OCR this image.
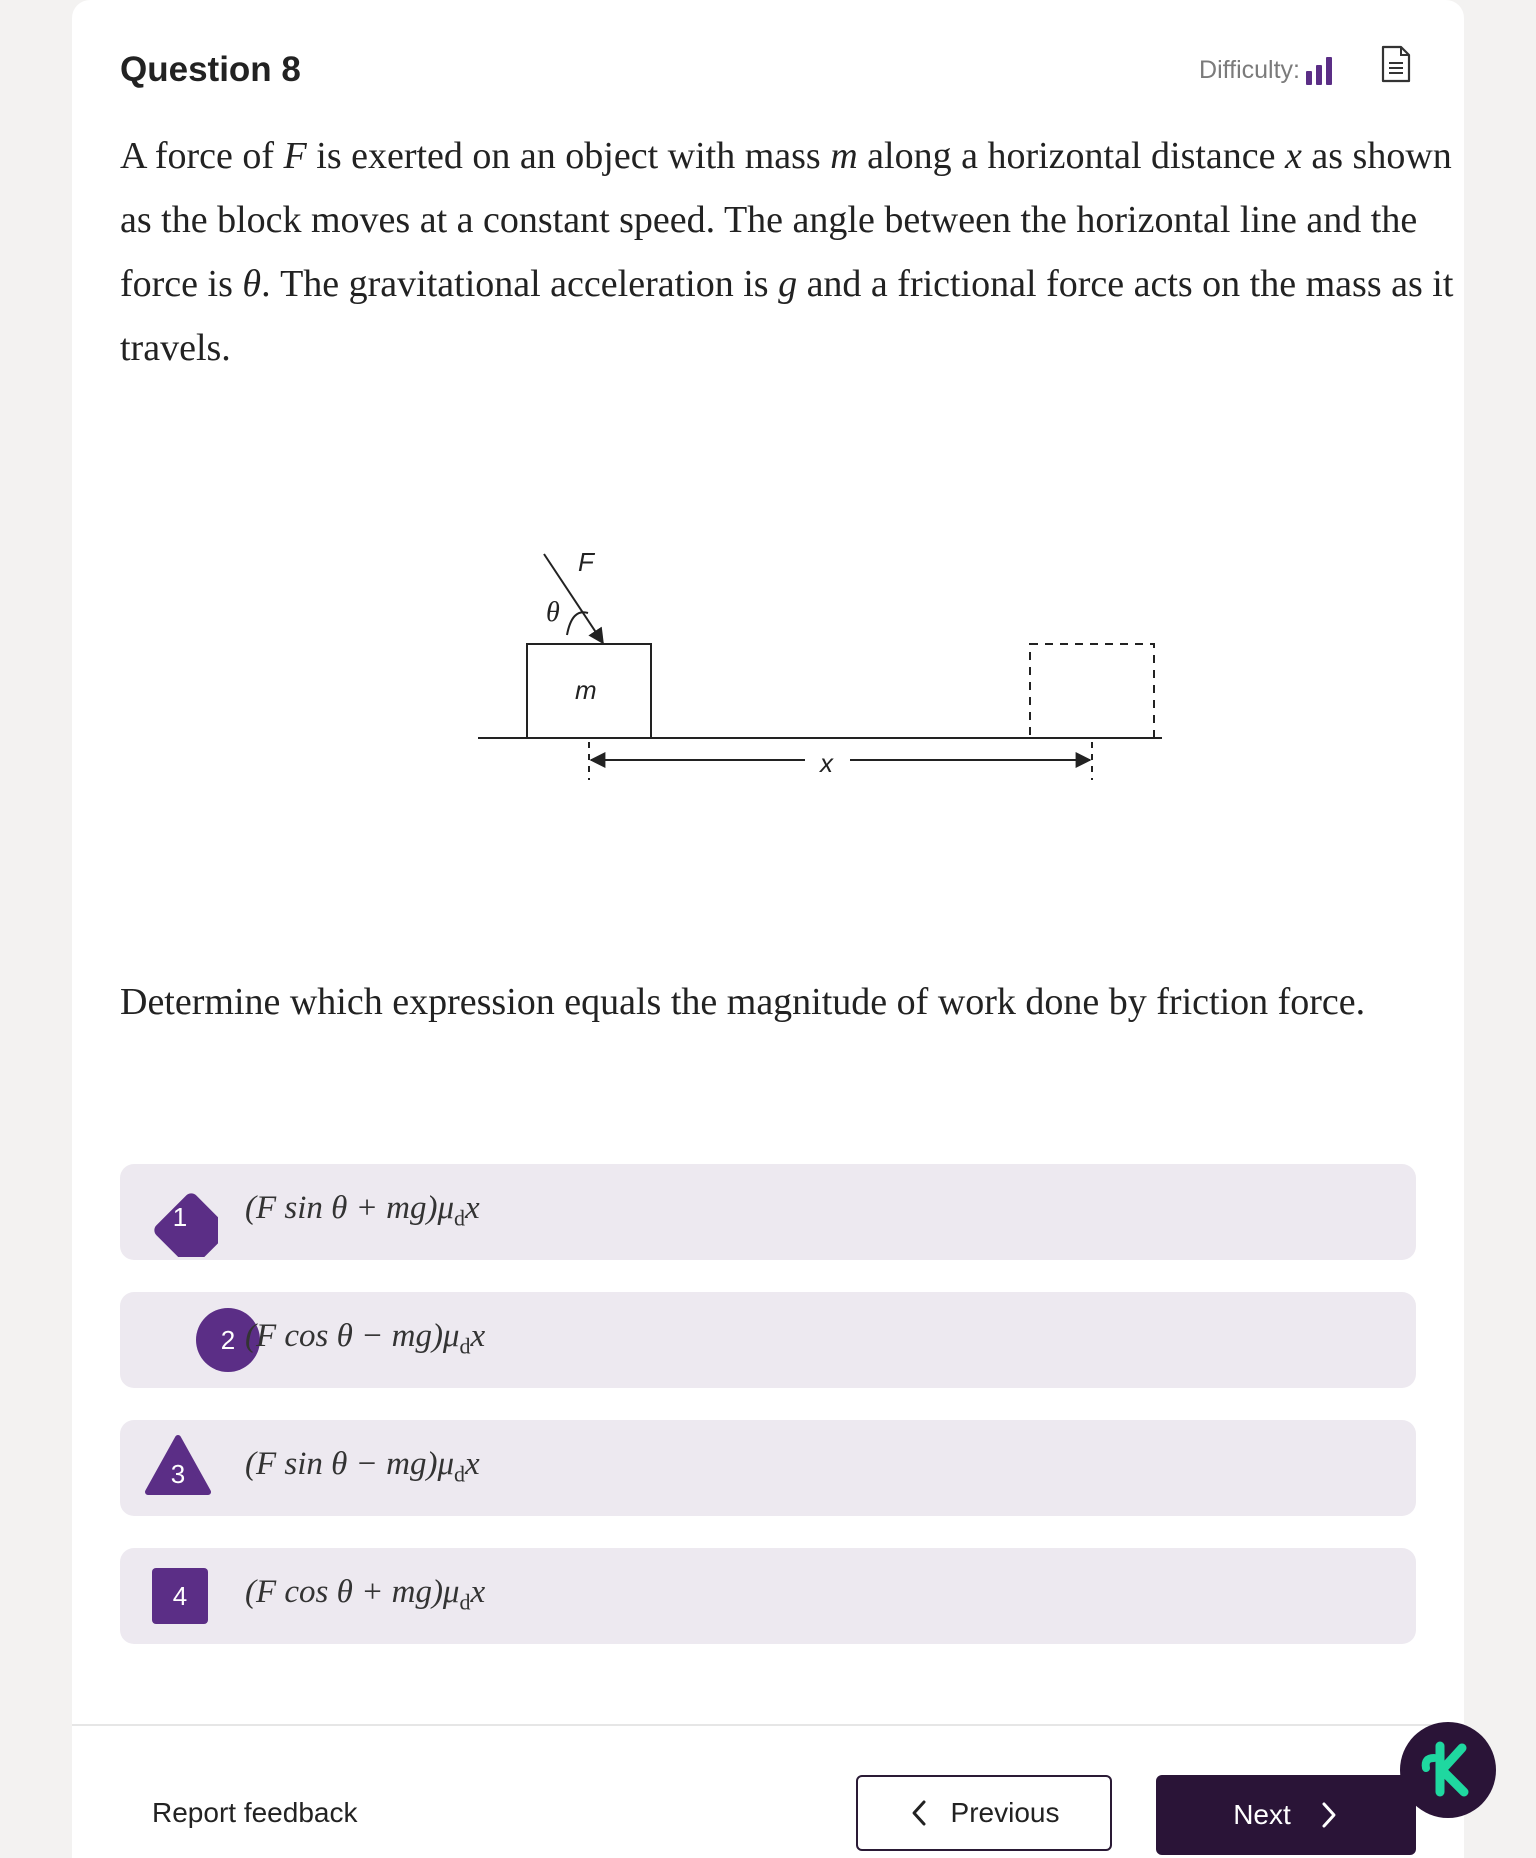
Question 8	Difficulty:
A force of F is exerted on an object with mass m along a horizontal distance x as shown as the block moves at a constant speed. The angle between the horizontal line and the force is θ. The gravitational acceleration is g and a frictional force acts on the mass as it travels.
F
θ
m
x
Determine which expression equals the magnitude of work done by friction force.
1	(F $\sin \theta + mg)\mu_dx$
2 (F $\cos \theta - mg)\mu_dx$
3	(F $\sin \theta - mg)\mu_dx$
4	(F $\cos \theta + mg)\mu_dx$
Report feedback	Previous	Next
